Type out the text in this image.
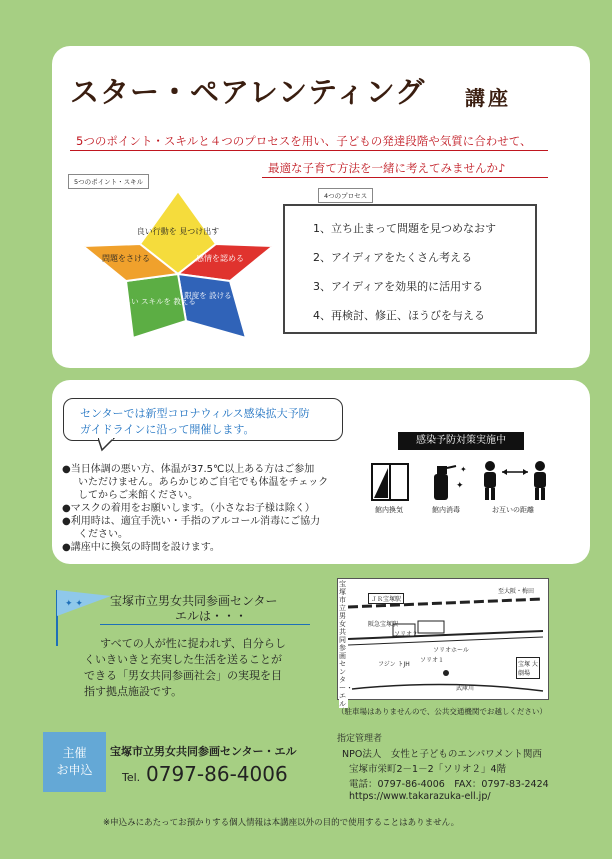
スター・ペアレンティング 講座
5つのポイント・スキルと４つのプロセスを用い、子どもの発達段階や気質に合わせて、
最適な子育て方法を一緒に考えてみませんか♪
5つのポイント・スキル
良い行動を 見つけ出す
感情を認める
限度を 設ける
新しい スキルを 教える
問題をさける
4つのプロセス
1、立ち止まって問題を見つめなおす
2、アイディアをたくさん考える
3、アイディアを効果的に活用する
4、再検討、修正、ほうびを与える
センターでは新型コロナウィルス感染拡大予防
ガイドラインに沿って開催します。
●当日体調の悪い方、体温が37.5℃以上ある方はご参加
いただけません。あらかじめご自宅でも体温をチェック
してからご来館ください。
●マスクの着用をお願いします。（小さなお子様は除く）
●利用時は、適宜手洗い・手指のアルコール消毒にご協力
ください。
●講座中に換気の時間を設けます。
感染予防対策実施中
✦
✦
館内換気	館内消毒	お互いの距離
✦ ✦ 宝塚市立男女共同参画センター
エルは・・・
すべての人が性に捉われず、自分らし
くいきいきと充実した生活を送ることが
できる「男女共同参画社会」の実現を目
指す拠点施設です。
ＪＲ宝塚駅
至大阪・梅田
阪急宝塚駅
ソリオ２
ソリオ１
ソリオホール
フジン トJH
武庫川
宝塚 大劇場
宝塚市立男女共同参画センター・エル
（駐車場はありませんので、公共交通機関でお越しください）
主催
お申込
宝塚市立男女共同参画センター・エル
Tel. 0797-86-4006
指定管理者
NPO法人　女性と子どものエンパワメント関西
宝塚市栄町2－1－2「ソリオ２」4階
電話：0797-86-4006　FAX：0797-83-2424
https://www.takarazuka-ell.jp/
※申込みにあたってお預かりする個人情報は本講座以外の目的で使用することはありません。
